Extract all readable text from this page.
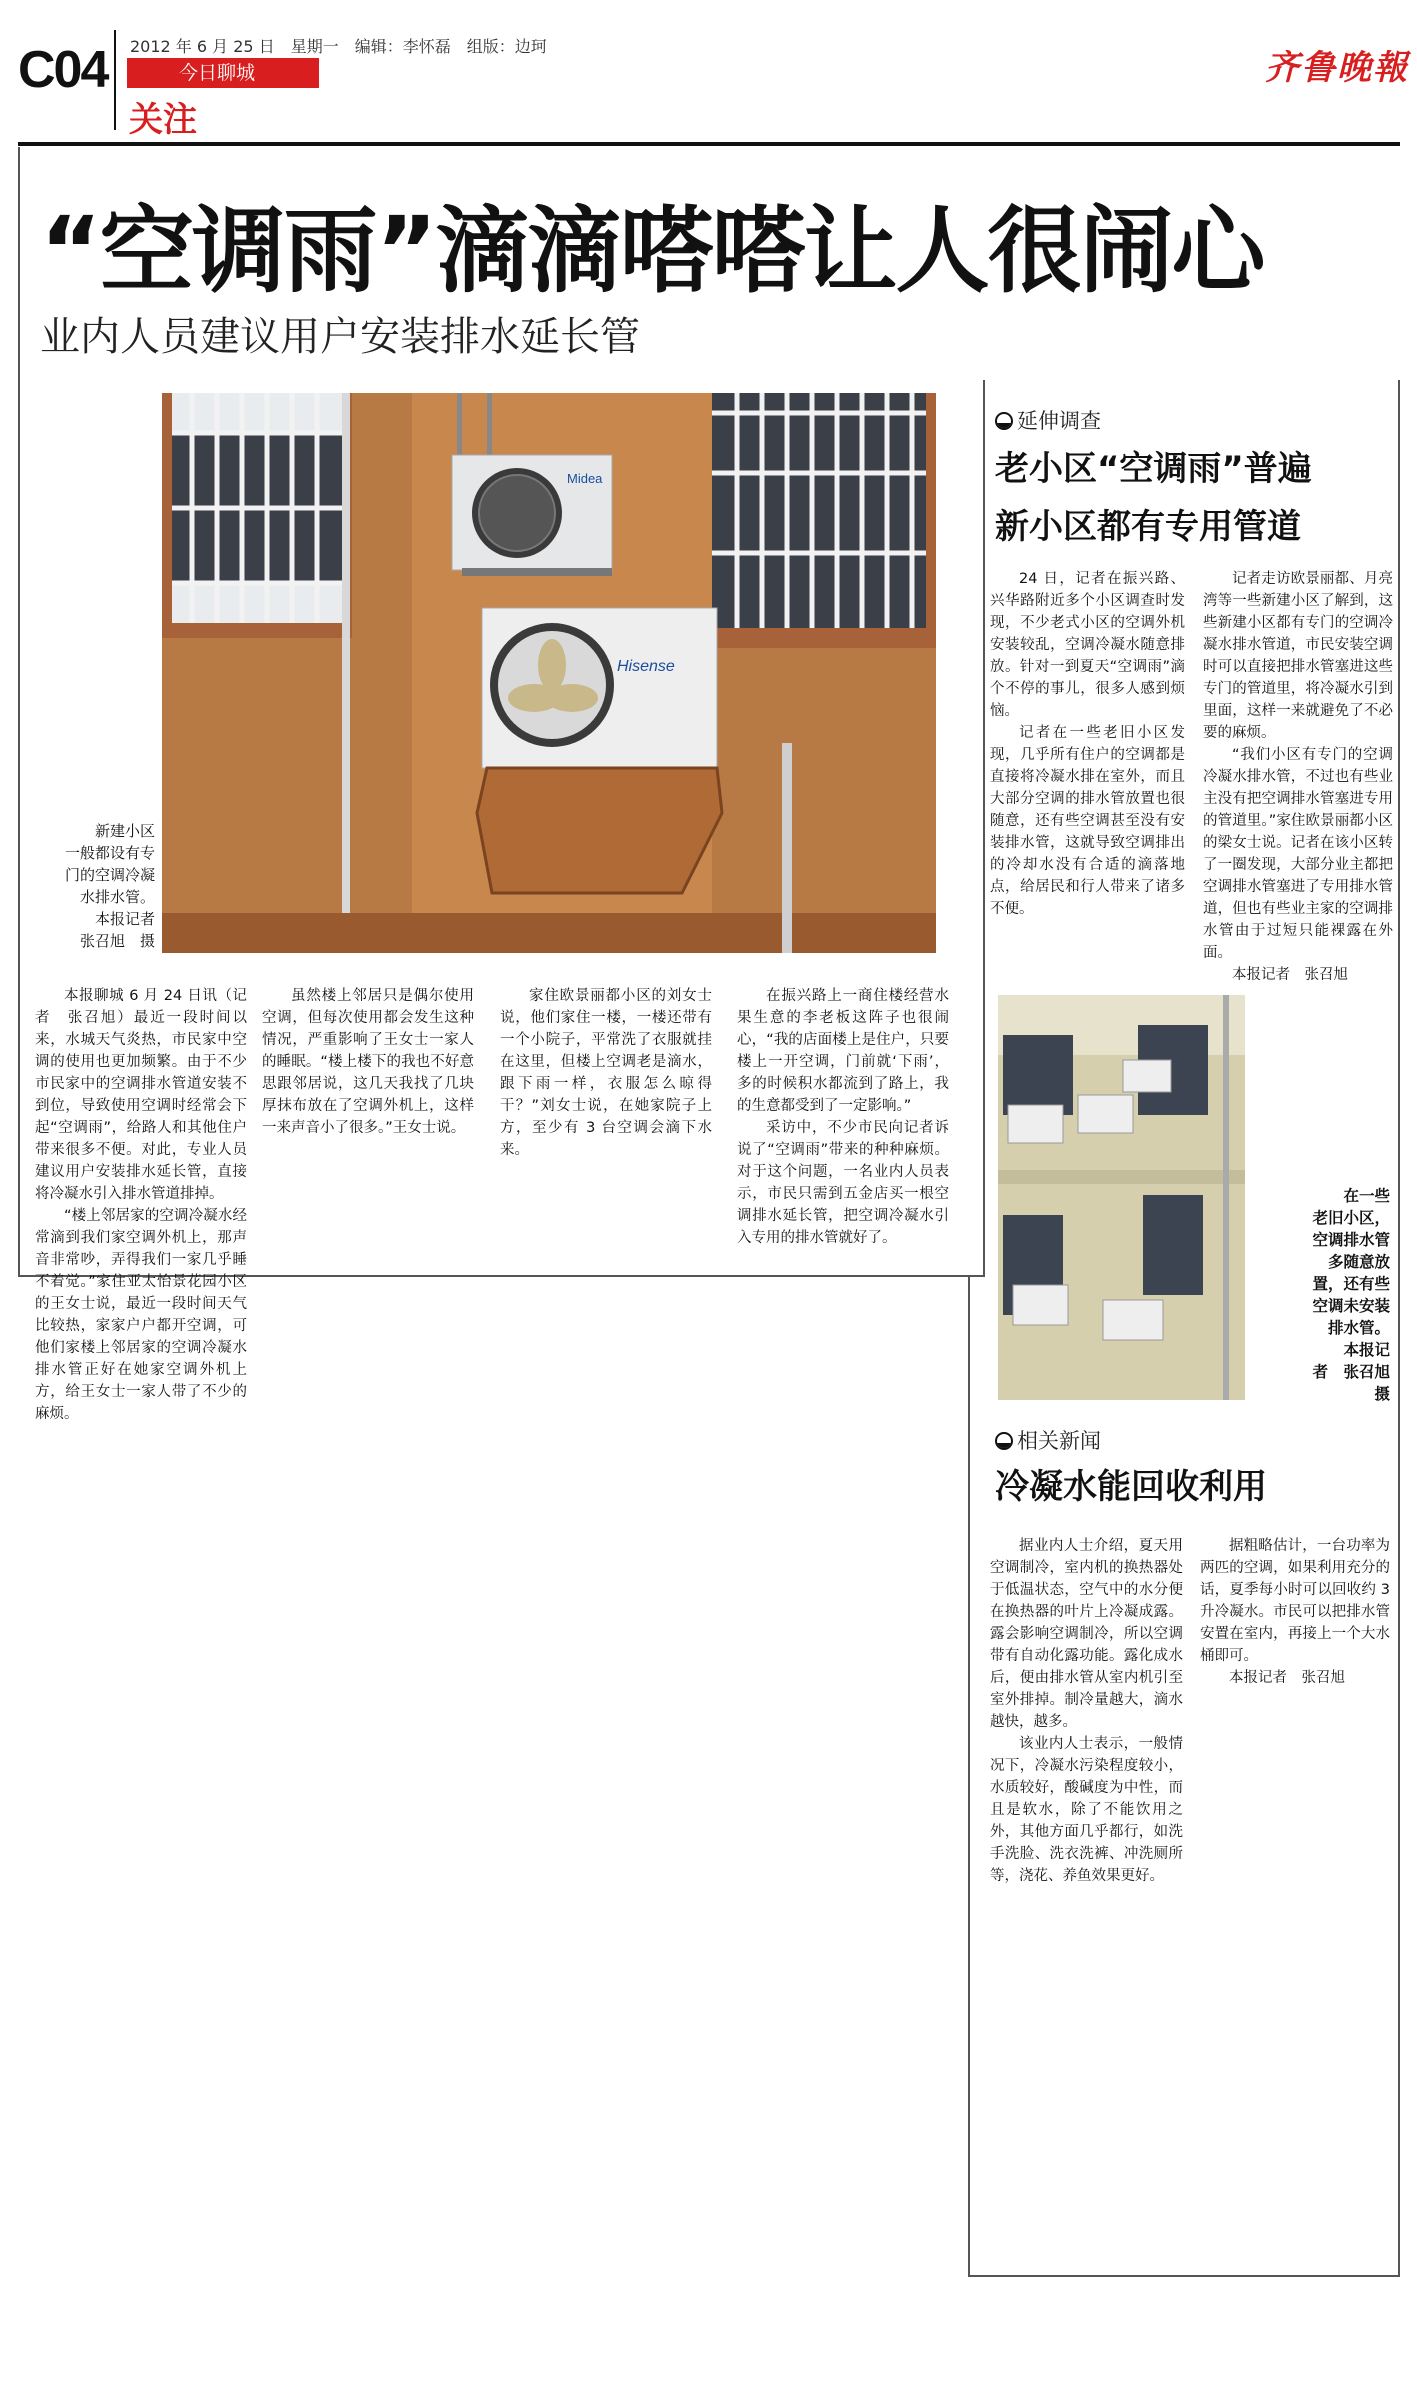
C04 2012 年 6 月 25 日　星期一　编辑：李怀磊　组版：边珂
今日聊城
关注
齐鲁晚報
“空调雨”滴滴嗒嗒让人很闹心
业内人员建议用户安装排水延长管
Midea
Hisense
新建小区
一般都设有专
门的空调冷凝
水排水管。
本报记者
张召旭　摄

本报聊城 6 月 24 日讯（记者　张召旭）最近一段时间以来，水城天气炎热，市民家中空调的使用也更加频繁。由于不少市民家中的空调排水管道安装不到位，导致使用空调时经常会下起“空调雨”，给路人和其他住户带来很多不便。对此，专业人员建议用户安装排水延长管，直接将冷凝水引入排水管道排掉。

“楼上邻居家的空调冷凝水经常滴到我们家空调外机上，那声音非常吵，弄得我们一家几乎睡不着觉。”家住亚太怡景花园小区的王女士说，最近一段时间天气比较热，家家户户都开空调，可他们家楼上邻居家的空调冷凝水排水管正好在她家空调外机上方，给王女士一家人带了不少的麻烦。

虽然楼上邻居只是偶尔使用空调，但每次使用都会发生这种情况，严重影响了王女士一家人的睡眠。“楼上楼下的我也不好意思跟邻居说，这几天我找了几块厚抹布放在了空调外机上，这样一来声音小了很多。”王女士说。

家住欧景丽都小区的刘女士说，他们家住一楼，一楼还带有一个小院子，平常洗了衣服就挂在这里，但楼上空调老是滴水，跟下雨一样，衣服怎么晾得干？”刘女士说，在她家院子上方，至少有 3 台空调会滴下水来。

在振兴路上一商住楼经营水果生意的李老板这阵子也很闹心，“我的店面楼上是住户，只要楼上一开空调，门前就‘下雨’，多的时候积水都流到了路上，我的生意都受到了一定影响。”

采访中，不少市民向记者诉说了“空调雨”带来的种种麻烦。对于这个问题，一名业内人员表示，市民只需到五金店买一根空调排水延长管，把空调冷凝水引入专用的排水管就好了。

延伸调查
老小区“空调雨”普遍
新小区都有专用管道

24 日，记者在振兴路、兴华路附近多个小区调查时发现，不少老式小区的空调外机安装较乱，空调冷凝水随意排放。针对一到夏天“空调雨”滴个不停的事儿，很多人感到烦恼。

记者在一些老旧小区发现，几乎所有住户的空调都是直接将冷凝水排在室外，而且大部分空调的排水管放置也很随意，还有些空调甚至没有安装排水管，这就导致空调排出的冷却水没有合适的滴落地点，给居民和行人带来了诸多不便。

记者走访欧景丽都、月亮湾等一些新建小区了解到，这些新建小区都有专门的空调冷凝水排水管道，市民安装空调时可以直接把排水管塞进这些专门的管道里，将冷凝水引到里面，这样一来就避免了不必要的麻烦。

“我们小区有专门的空调冷凝水排水管，不过也有些业主没有把空调排水管塞进专用的管道里。”家住欧景丽都小区的梁女士说。记者在该小区转了一圈发现，大部分业主都把空调排水管塞进了专用排水管道，但也有些业主家的空调排水管由于过短只能裸露在外面。

本报记者　张召旭

在一些
老旧小区，
空调排水管
多随意放
置，还有些
空调未安装
排水管。
本报记
者　张召旭
摄
相关新闻
冷凝水能回收利用

据业内人士介绍，夏天用空调制冷，室内机的换热器处于低温状态，空气中的水分便在换热器的叶片上冷凝成露。露会影响空调制冷，所以空调带有自动化露功能。露化成水后，便由排水管从室内机引至室外排掉。制冷量越大，滴水越快，越多。

该业内人士表示，一般情况下，冷凝水污染程度较小，水质较好，酸碱度为中性，而且是软水，除了不能饮用之外，其他方面几乎都行，如洗手洗脸、洗衣洗裤、冲洗厕所等，浇花、养鱼效果更好。

据粗略估计，一台功率为两匹的空调，如果利用充分的话，夏季每小时可以回收约 3 升冷凝水。市民可以把排水管安置在室内，再接上一个大水桶即可。

本报记者　张召旭
